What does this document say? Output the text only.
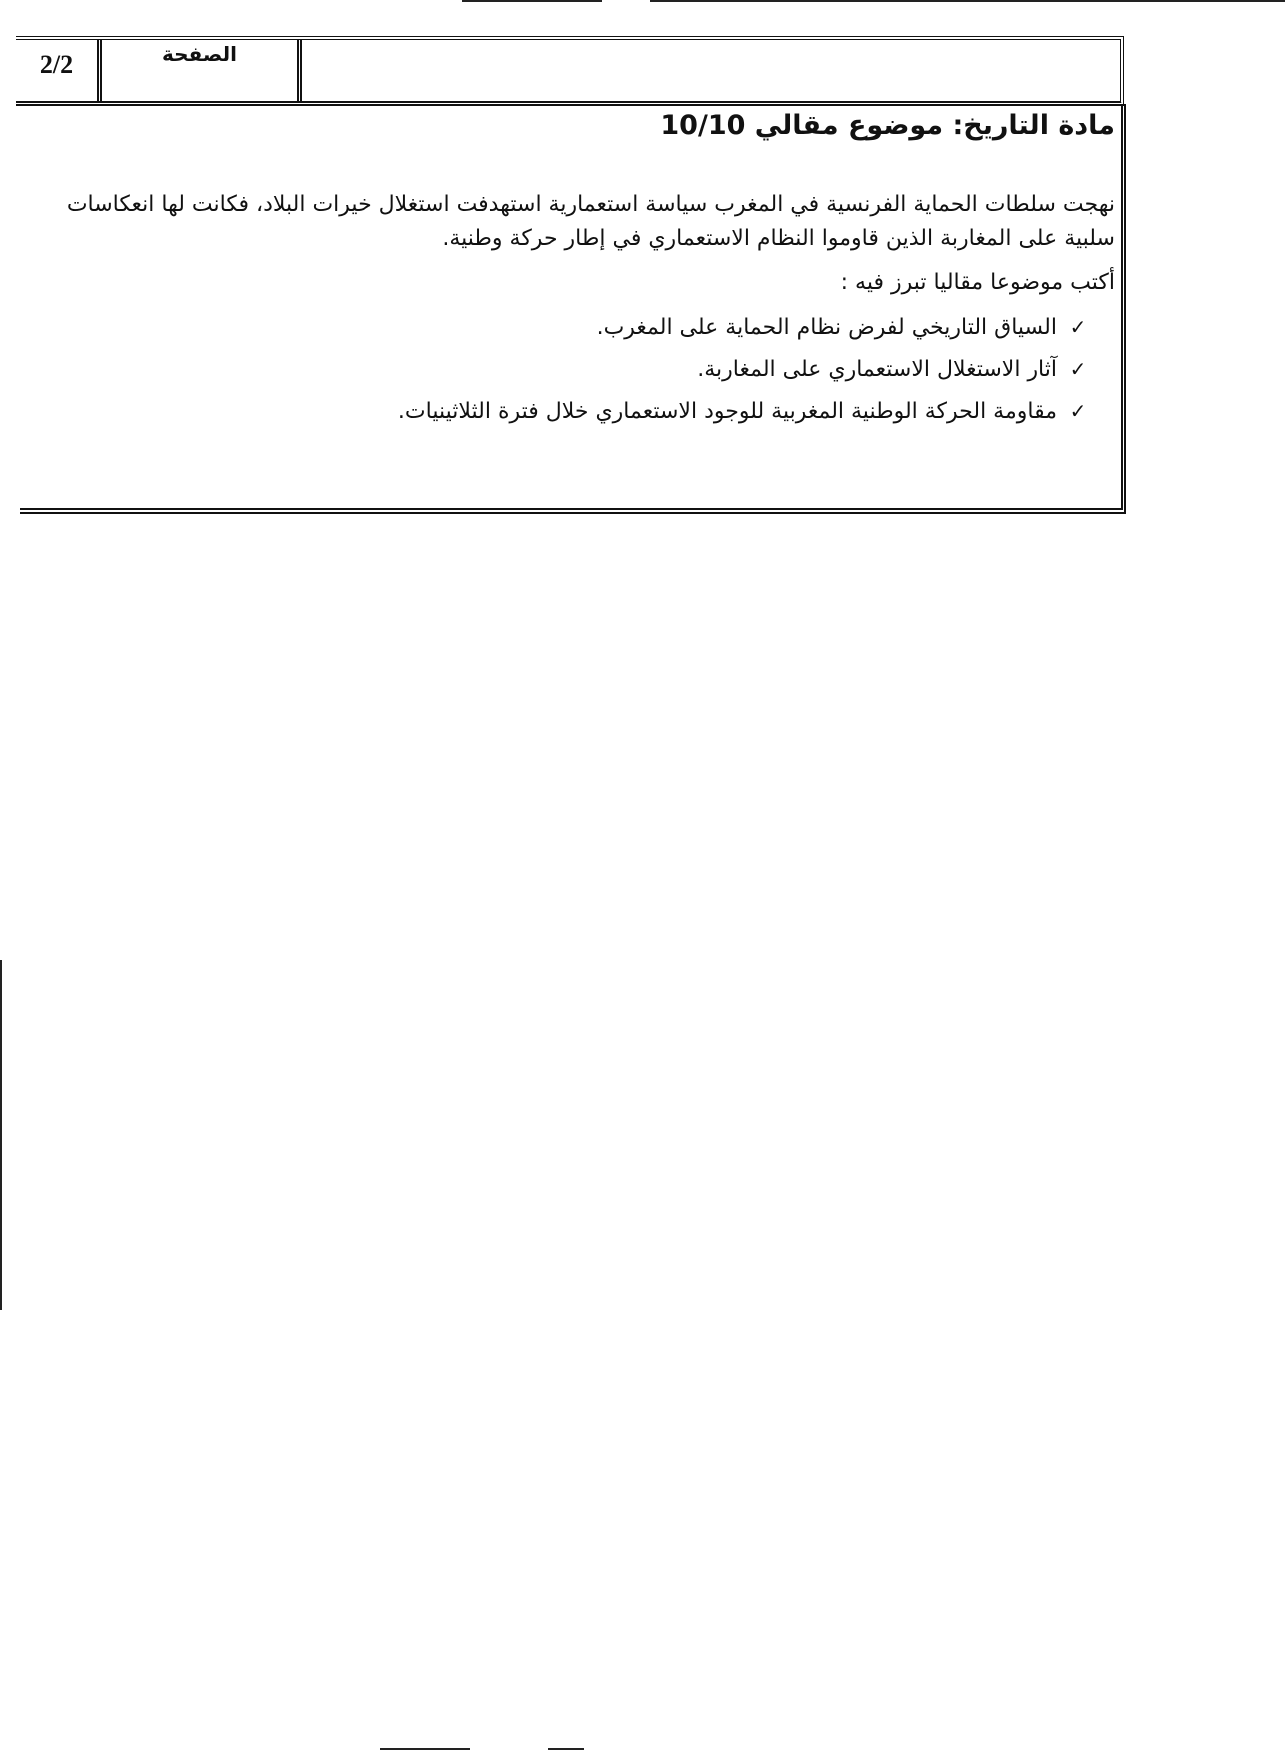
2/2	الصفحة
مادة التاريخ: موضوع مقالي 10/10
نهجت سلطات الحماية الفرنسية في المغرب سياسة استعمارية استهدفت استغلال خيرات البلاد، فكانت لها انعكاسات سلبية على المغاربة الذين قاوموا النظام الاستعماري في إطار حركة وطنية.
أكتب موضوعا مقاليا تبرز فيه :
✓السياق التاريخي لفرض نظام الحماية على المغرب.
✓آثار الاستغلال الاستعماري على المغاربة.
✓مقاومة الحركة الوطنية المغربية للوجود الاستعماري خلال فترة الثلاثينيات.
